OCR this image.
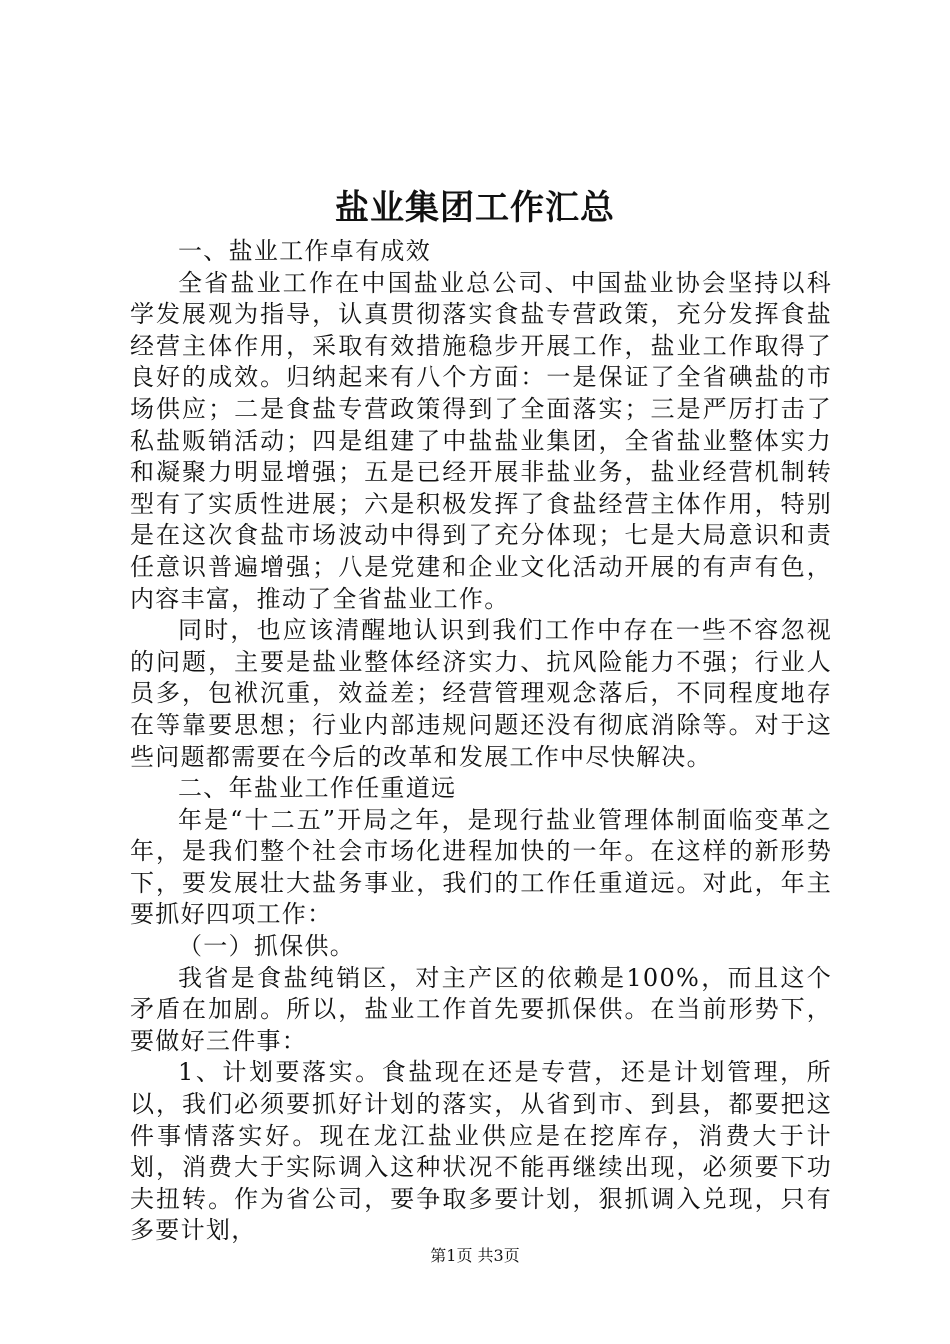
盐业集团工作汇总

一、盐业工作卓有成效

全省盐业工作在中国盐业总公司、中国盐业协会坚持以科学发展观为指导，认真贯彻落实食盐专营政策，充分发挥食盐经营主体作用，采取有效措施稳步开展工作，盐业工作取得了良好的成效。归纳起来有八个方面：一是保证了全省碘盐的市场供应；二是食盐专营政策得到了全面落实；三是严厉打击了私盐贩销活动；四是组建了中盐盐业集团，全省盐业整体实力和凝聚力明显增强；五是已经开展非盐业务，盐业经营机制转型有了实质性进展；六是积极发挥了食盐经营主体作用，特别是在这次食盐市场波动中得到了充分体现；七是大局意识和责任意识普遍增强；八是党建和企业文化活动开展的有声有色，内容丰富，推动了全省盐业工作。

同时，也应该清醒地认识到我们工作中存在一些不容忽视的问题，主要是盐业整体经济实力、抗风险能力不强；行业人员多，包袱沉重，效益差；经营管理观念落后，不同程度地存在等靠要思想；行业内部违规问题还没有彻底消除等。对于这些问题都需要在今后的改革和发展工作中尽快解决。

二、年盐业工作任重道远

年是“十二五”开局之年，是现行盐业管理体制面临变革之年，是我们整个社会市场化进程加快的一年。在这样的新形势下，要发展壮大盐务事业，我们的工作任重道远。对此，年主要抓好四项工作：

（一）抓保供。

我省是食盐纯销区，对主产区的依赖是100%，而且这个矛盾在加剧。所以，盐业工作首先要抓保供。在当前形势下，要做好三件事：

1、计划要落实。食盐现在还是专营，还是计划管理，所以，我们必须要抓好计划的落实，从省到市、到县，都要把这件事情落实好。现在龙江盐业供应是在挖库存，消费大于计划，消费大于实际调入这种状况不能再继续出现，必须要下功夫扭转。作为省公司，要争取多要计划，狠抓调入兑现，只有多要计划，

第1页 共3页
